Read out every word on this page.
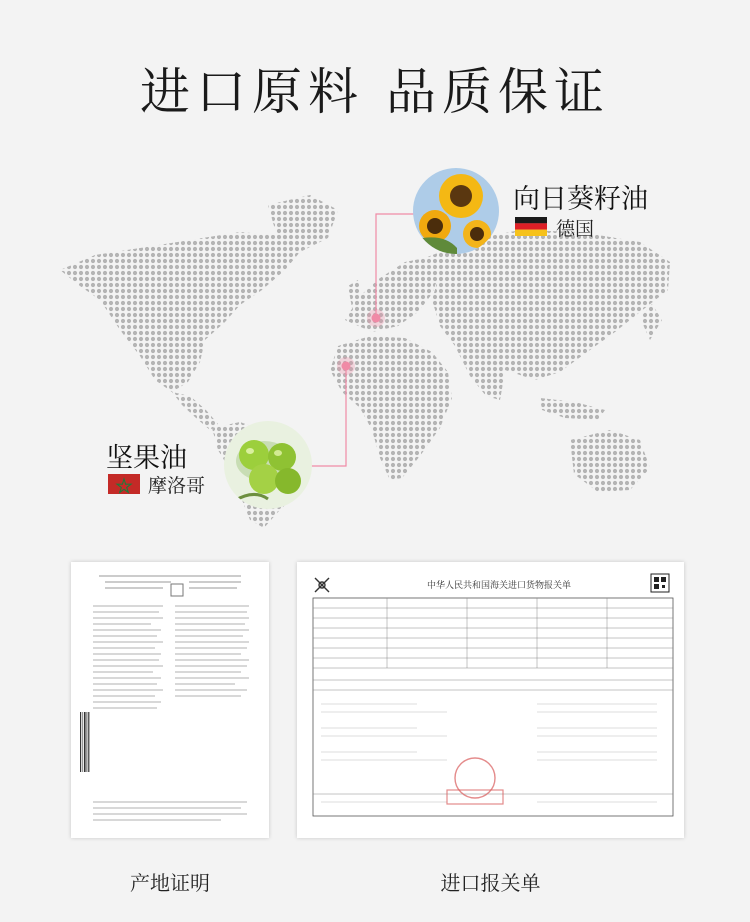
进口原料 品质保证
向日葵籽油
德国
坚果油
摩洛哥
中华人民共和国海关进口货物报关单
产地证明	进口报关单
